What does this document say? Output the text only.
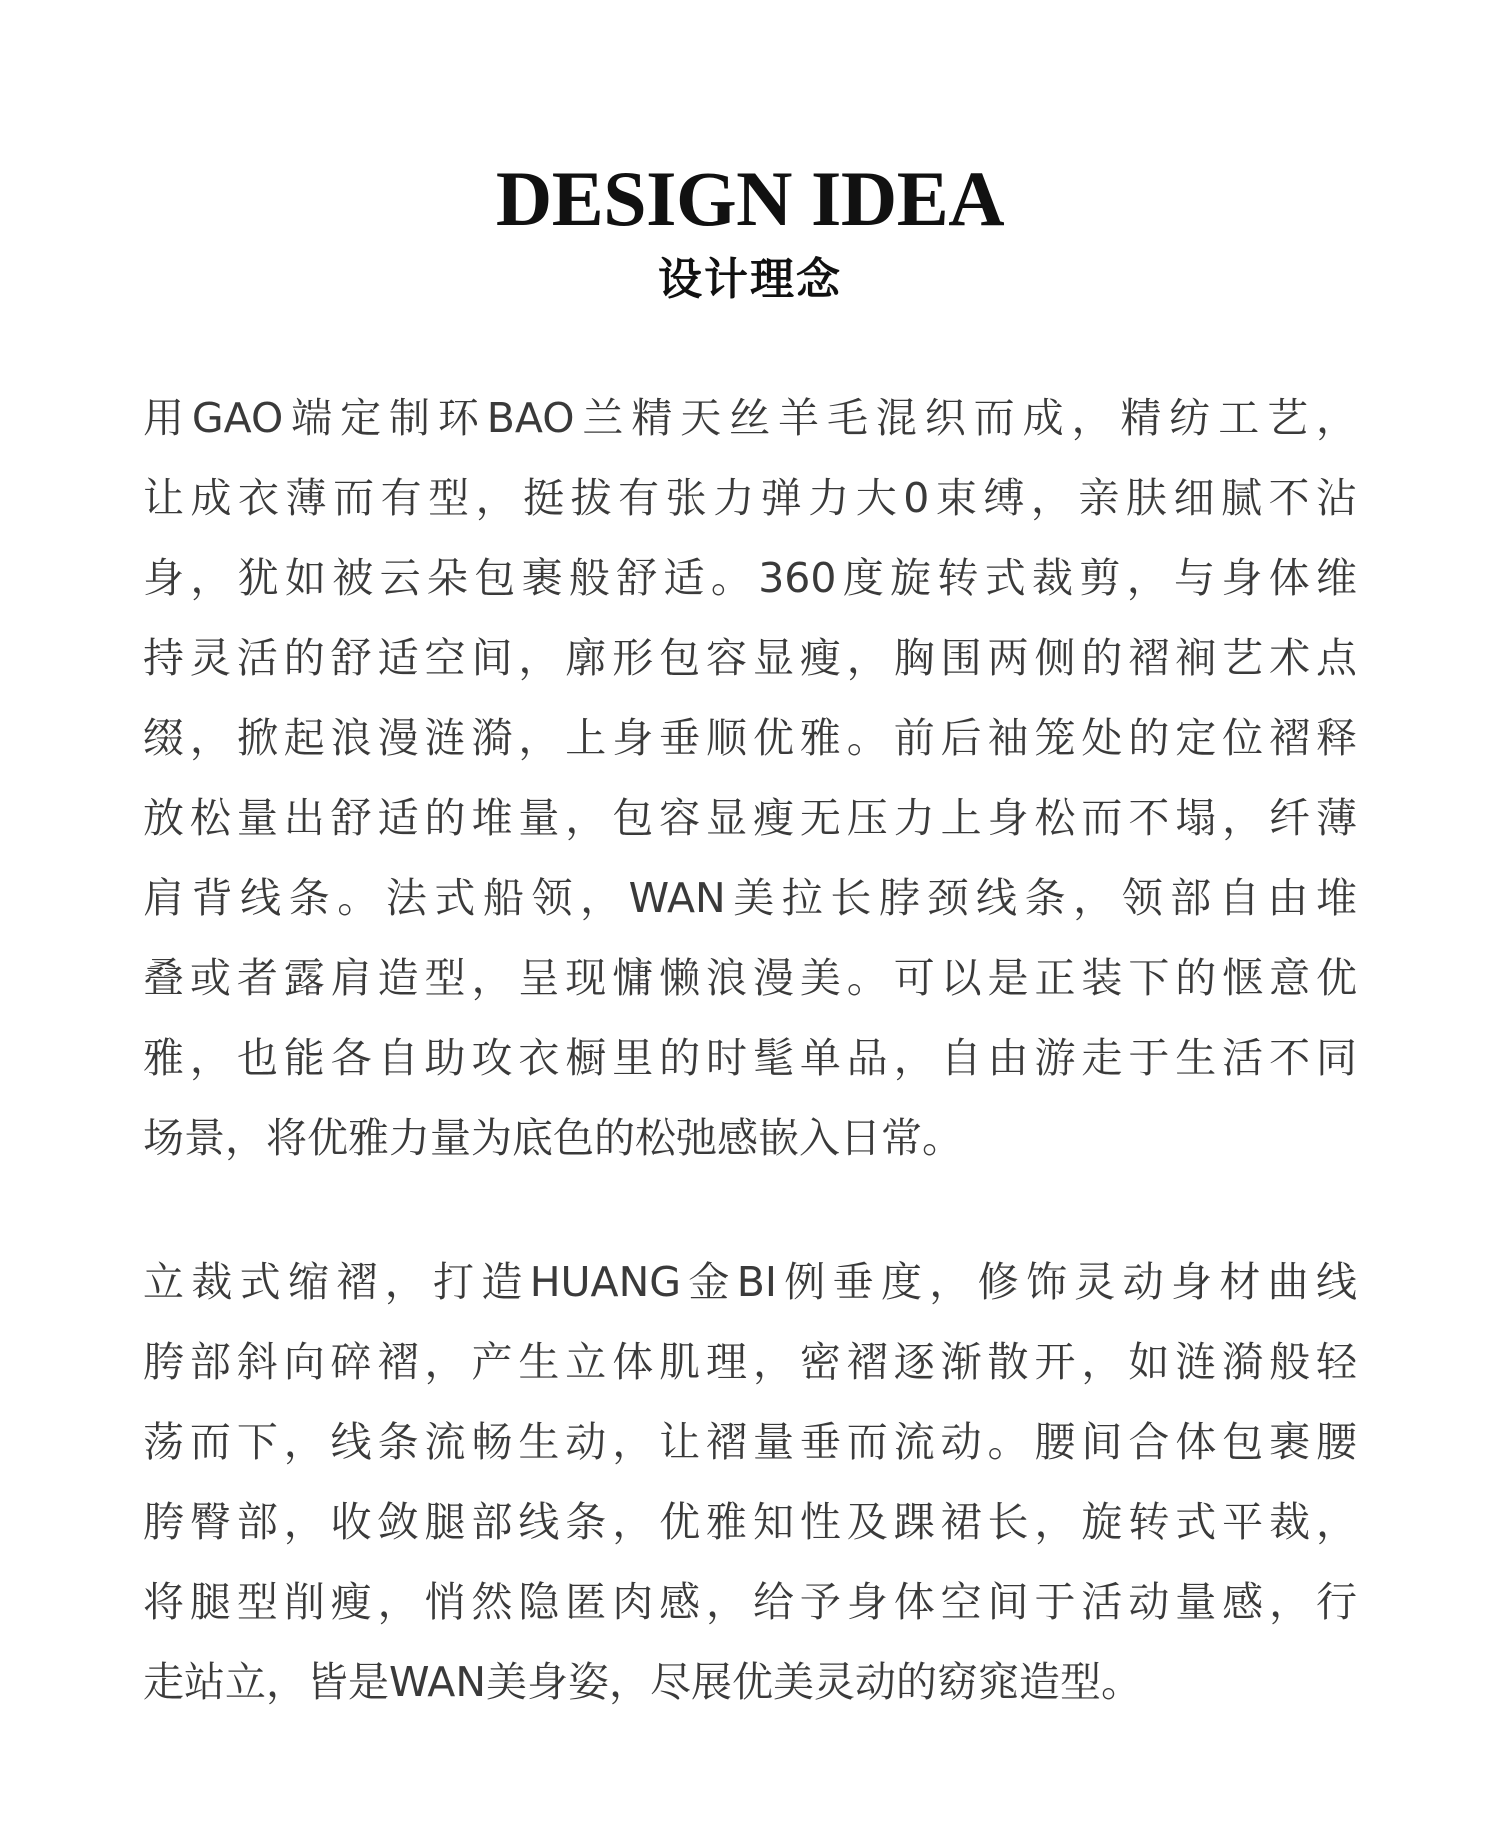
DESIGN IDEA
设计理念

用GAO端定制环BAO兰精天丝羊毛混织而成，精纺工艺，
让成衣薄而有型，挺拔有张力弹力大0束缚，亲肤细腻不沾
身，犹如被云朵包裹般舒适。360度旋转式裁剪，与身体维
持灵活的舒适空间，廓形包容显瘦，胸围两侧的褶裥艺术点
缀，掀起浪漫涟漪，上身垂顺优雅。前后袖笼处的定位褶释
放松量出舒适的堆量，包容显瘦无压力上身松而不塌，纤薄
肩背线条。法式船领，WAN美拉长脖颈线条，领部自由堆
叠或者露肩造型，呈现慵懒浪漫美。可以是正装下的惬意优
雅，也能各自助攻衣橱里的时髦单品，自由游走于生活不同
场景，将优雅力量为底色的松弛感嵌入日常。

立裁式缩褶，打造HUANG金BI例垂度，修饰灵动身材曲线
胯部斜向碎褶，产生立体肌理，密褶逐渐散开，如涟漪般轻
荡而下，线条流畅生动，让褶量垂而流动。腰间合体包裹腰
胯臀部，收敛腿部线条，优雅知性及踝裙长，旋转式平裁，
将腿型削瘦，悄然隐匿肉感，给予身体空间于活动量感，行
走站立，皆是WAN美身姿，尽展优美灵动的窈窕造型。
